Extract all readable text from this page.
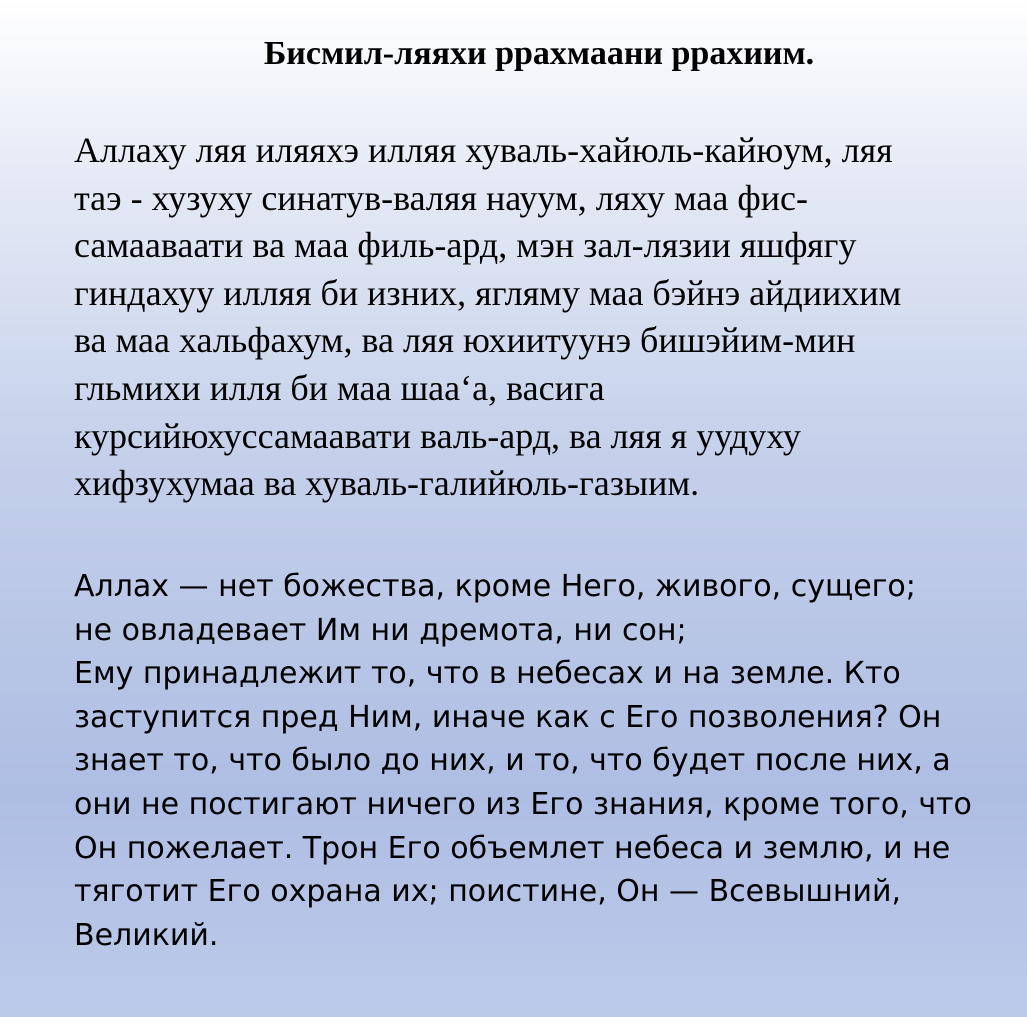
Бисмил-ляяхи рраxмаани рраxиим.
Аллаху ляя иляяхэ илляя хуваль-хайюль-кайюум, ляя
таэ - хузуху синатув-валяя науум, ляху маа фис-
самааваати ва маа филь-ард, мэн зал-лязии яшфягу
гиндахуу илляя би изних, ягляму маа бэйнэ айдиихим
ва маа хальфахум, ва ляя юхиитуунэ бишэйим-мин
гльмихи илля би маа шаа‘а, васига
курсийюхуссамаавати валь-ард, ва ляя я уудуху
хифзухумаа ва хуваль-галийюль-газыим.
Аллах — нет божества, кроме Него, живого, сущего;
не овладевает Им ни дремота, ни сон;
Ему принадлежит то, что в небесах и на земле. Кто
заступится пред Ним, иначе как с Его позволения? Он
знает то, что было до них, и то, что будет после них, а
они не постигают ничего из Его знания, кроме того, что
Он пожелает. Трон Его объемлет небеса и землю, и не
тяготит Его охрана их; поистине, Он — Всевышний,
Великий.
